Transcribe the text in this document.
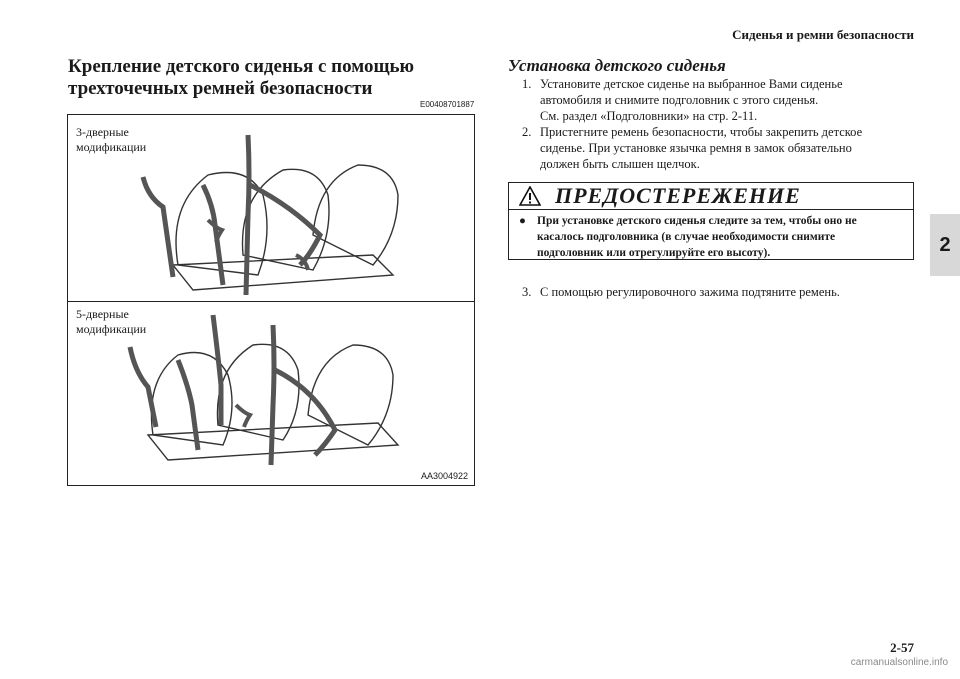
Сиденья и ремни безопасности
2
Крепление детского сиденья с помощью
трехточечных ремней безопасности
E00408701887
3-дверные
модификации
5-дверные
модификации
AA3004922
Установка детского сиденья
1. Установите детское сиденье на выбранное Вами сиденье
автомобиля и снимите подголовник с этого сиденья.
См. раздел «Подголовники» на стр. 2-11.
2. Пристегните ремень безопасности, чтобы закрепить детское
сиденье. При установке язычка ремня в замок обязательно
должен быть слышен щелчок.
ПРЕДОСТЕРЕЖЕНИЕ
● При установке детского сиденья следите за тем, чтобы оно не
касалось подголовника (в случае необходимости снимите
подголовник или отрегулируйте его высоту).
3. С помощью регулировочного зажима подтяните ремень.
2-57
carmanualsonline.info
